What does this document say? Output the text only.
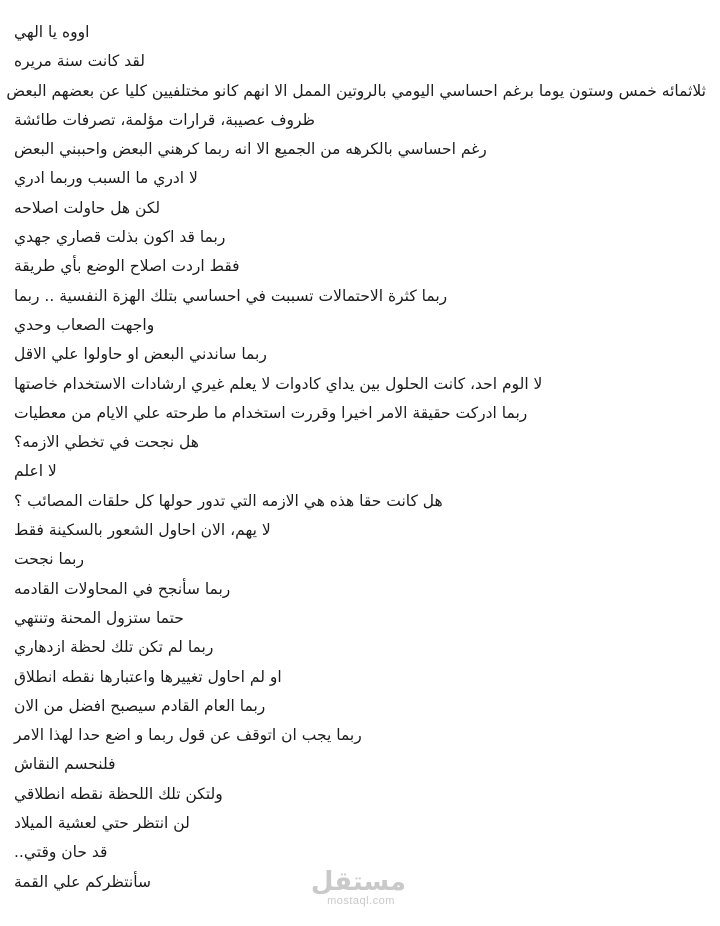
اووه يا الهي
لقد كانت سنة مريره
ثلاثمائه خمس وستون يوما برغم احساسي اليومي بالروتين الممل الا انهم كانو مختلفيين كليا عن بعضهم البعض
ظروف عصيبة، قرارات مؤلمة، تصرفات طائشة
رغم احساسي بالكرهه من الجميع الا انه ربما كرهني البعض واحببني البعض
لا ادري ما السبب وربما ادري
لكن هل حاولت اصلاحه
ربما قد اكون بذلت قصاري جهدي
فقط اردت اصلاح الوضع بأي طريقة
ربما كثرة الاحتمالات تسببت في احساسي بتلك الهزة النفسية .. ربما
واجهت الصعاب وحدي
ربما ساندني البعض او حاولوا علي الاقل
لا الوم احد، كانت الحلول بين يداي كادوات لا يعلم غيري ارشادات الاستخدام خاصتها
ربما ادركت حقيقة الامر اخيرا وقررت استخدام ما طرحته علي الايام من معطيات
هل نجحت في تخطي الازمه؟
لا اعلم
هل كانت حقا هذه هي الازمه التي تدور حولها كل حلقات المصائب ؟
لا يهم، الان احاول الشعور بالسكينة فقط
ربما نجحت
ربما سأنجح في المحاولات القادمه
حتما ستزول المحنة وتنتهي
ربما لم تكن تلك لحظة ازدهاري
او لم احاول تغييرها واعتبارها نقطه انطلاق
ربما العام القادم سيصبح افضل من الان
ربما يجب ان اتوقف عن قول ربما و اضع حدا لهذا الامر
فلنحسم النقاش
ولتكن تلك اللحظة نقطه انطلاقي
لن انتظر حتي لعشية الميلاد
قد حان وقتي..
سأنتظركم علي القمة	مستقل
mostaql.com
